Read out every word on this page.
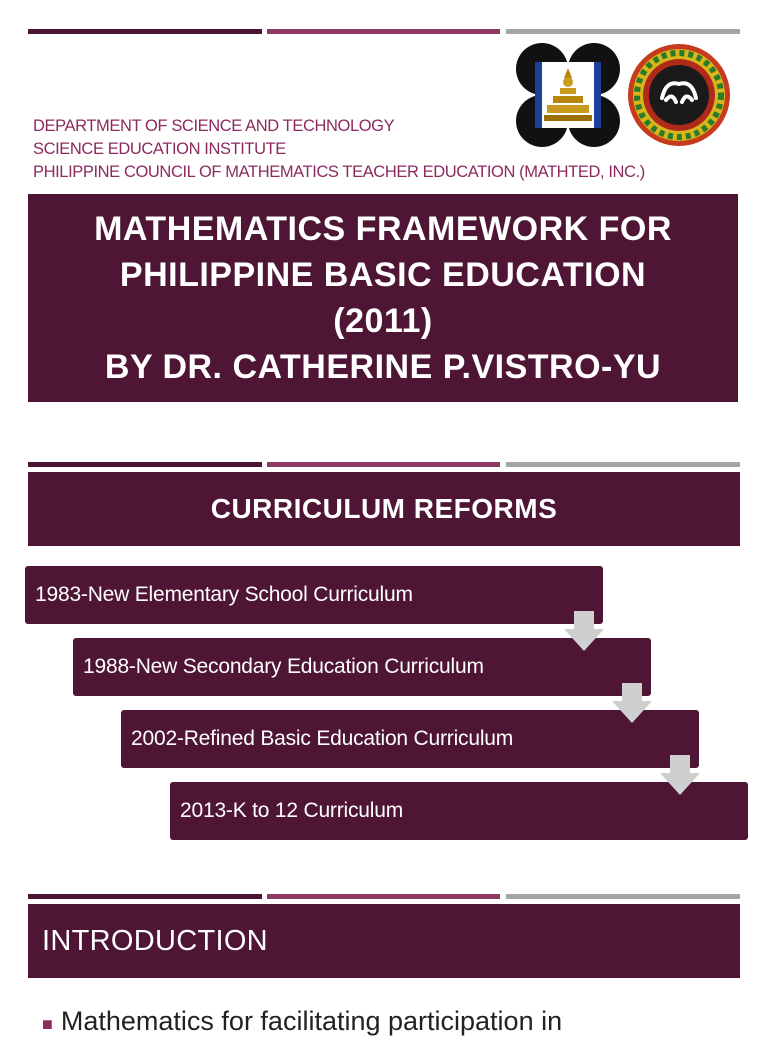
DEPARTMENT OF SCIENCE AND TECHNOLOGY
SCIENCE EDUCATION INSTITUTE
PHILIPPINE COUNCIL OF MATHEMATICS TEACHER EDUCATION (MATHTED, INC.)
MATHEMATICS FRAMEWORK FOR
PHILIPPINE BASIC EDUCATION
(2011)
BY DR. CATHERINE P.VISTRO-YU
CURRICULUM REFORMS
1983-New Elementary School Curriculum
1988-New Secondary Education Curriculum
2002-Refined Basic Education Curriculum
2013-K to 12 Curriculum
INTRODUCTION
■ Mathematics for facilitating participation in
